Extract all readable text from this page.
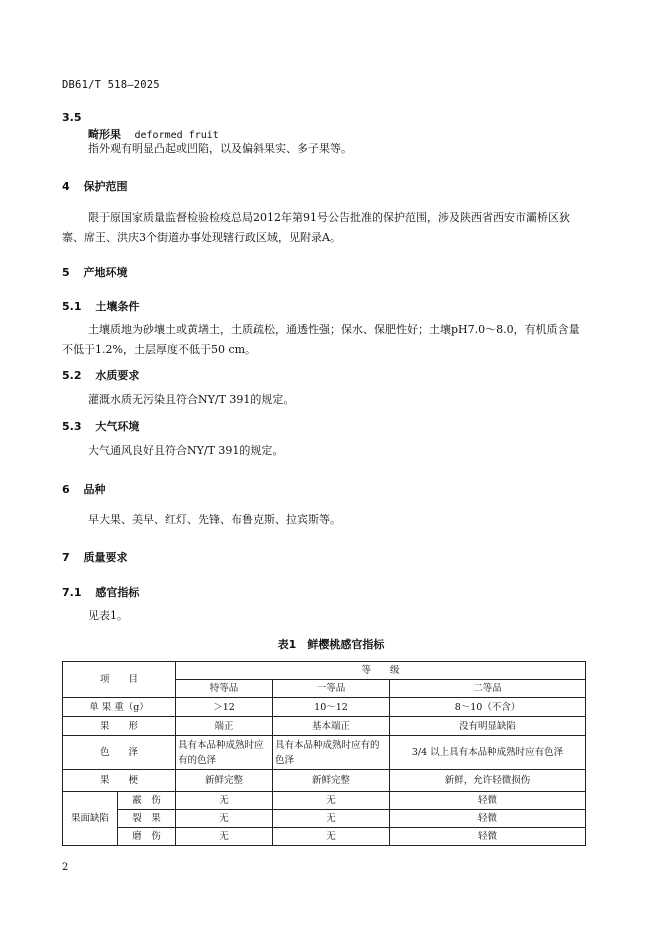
DB61/T 518—2025
3.5
畸形果 deformed fruit
指外观有明显凸起或凹陷，以及偏斜果实、多子果等。
4 保护范围
限于原国家质量监督检验检疫总局2012年第91号公告批准的保护范围，涉及陕西省西安市灞桥区狄寨、席王、洪庆3个街道办事处现辖行政区域，见附录A。
5 产地环境
5.1 土壤条件
土壤质地为砂壤土或黄墡土，土质疏松，通透性强；保水、保肥性好；土壤pH7.0～8.0，有机质含量不低于1.2%，土层厚度不低于50 cm。
5.2 水质要求
灌溉水质无污染且符合NY/T 391的规定。
5.3 大气环境
大气通风良好且符合NY/T 391的规定。
6 品种
早大果、美早、红灯、先锋、布鲁克斯、拉宾斯等。
7 质量要求
7.1 感官指标
见表1。
表1　鲜樱桃感官指标
项　　目		等　　级		
		特等品	一等品	二等品
单 果 重（g）		＞12	10～12	8～10（不含）
果　　形		端正	基本端正	没有明显缺陷
色　　泽		具有本品种成熟时应有的色泽	具有本品种成熟时应有的色泽	3/4 以上具有本品种成熟时应有色泽
果　　梗		新鲜完整	新鲜完整	新鲜，允许轻微损伤
果面缺陷	霰　伤	无	无	轻微
	裂　果	无	无	轻微
	磨　伤	无	无	轻微
2
